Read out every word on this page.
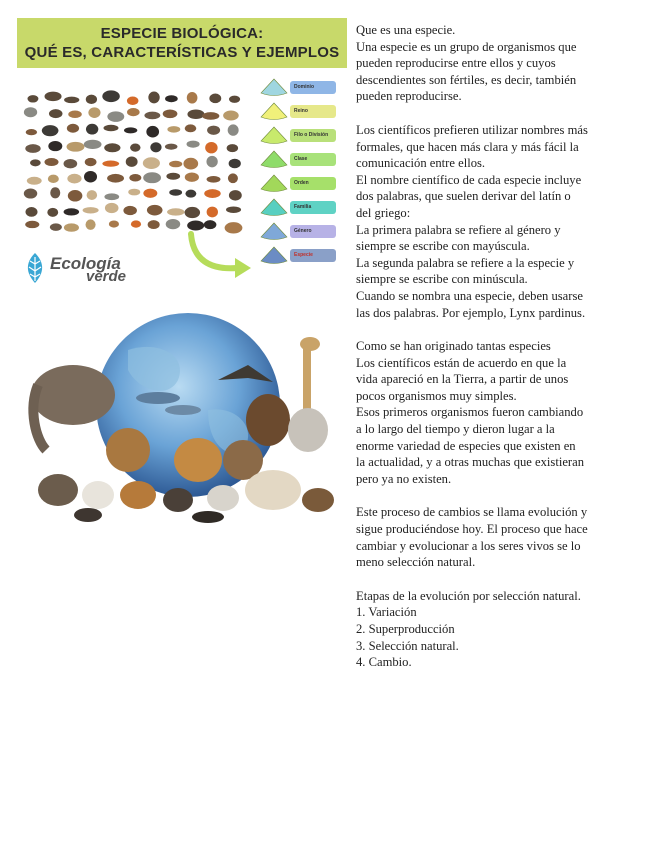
ESPECIE BIOLÓGICA:
QUÉ ES, CARACTERÍSTICAS Y EJEMPLOS
Dominio
Reino
Filo o División
Clase
Orden
Familia
Género
Especie
Ecología
verde
Que es una especie.
Una especie es un grupo de organismos que
pueden reproducirse entre ellos y cuyos
descendientes son fértiles, es decir, también
pueden reproducirse.
Los científicos prefieren utilizar nombres más
formales, que hacen más clara y más fácil la
comunicación entre ellos.
El nombre científico de cada especie incluye
dos palabras, que suelen derivar del latín o
del griego:
La primera palabra se refiere al género y
siempre se escribe con mayúscula.
La segunda palabra se refiere a la especie y
siempre se escribe con minúscula.
Cuando se nombra una especie, deben usarse
las dos palabras. Por ejemplo, Lynx pardinus.
Como se han originado tantas especies
Los científicos están de acuerdo en que la
vida apareció en la Tierra, a partir de unos
pocos organismos muy simples.
Esos primeros organismos fueron cambiando
a lo largo del tiempo y dieron lugar a la
enorme variedad de especies que existen en
la actualidad, y a otras muchas que existieran
pero ya no existen.
Este proceso de cambios se llama evolución y
sigue produciéndose hoy. El proceso que hace
cambiar y evolucionar a los seres vivos se lo
meno selección natural.
Etapas de la evolución por selección natural.
1. Variación
2. Superproducción
3. Selección natural.
4. Cambio.
